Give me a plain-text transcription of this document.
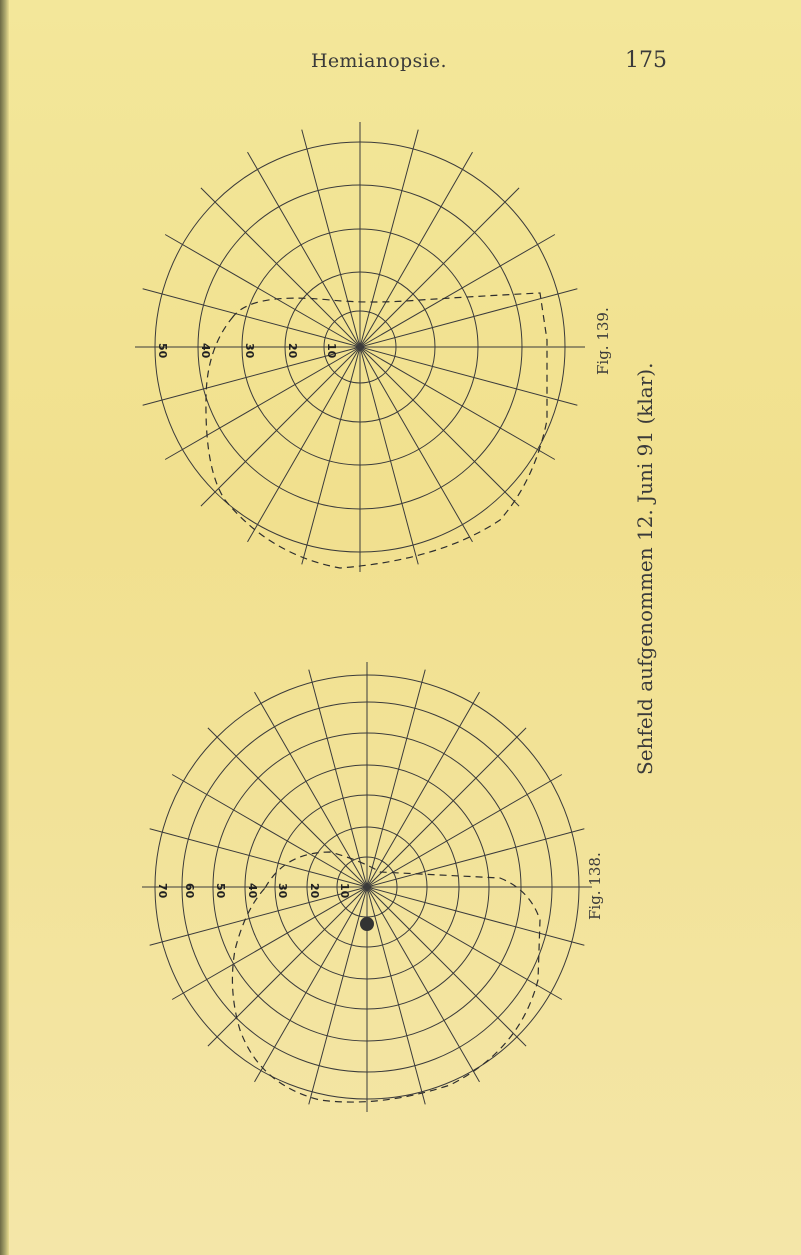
Hemianopsie.	175
Sehfeld aufgenommen 12. Juni 91 (klar).
Fig. 139.
Fig. 138.
50	40	30	20 10
70 60 50 40 30 20 10
